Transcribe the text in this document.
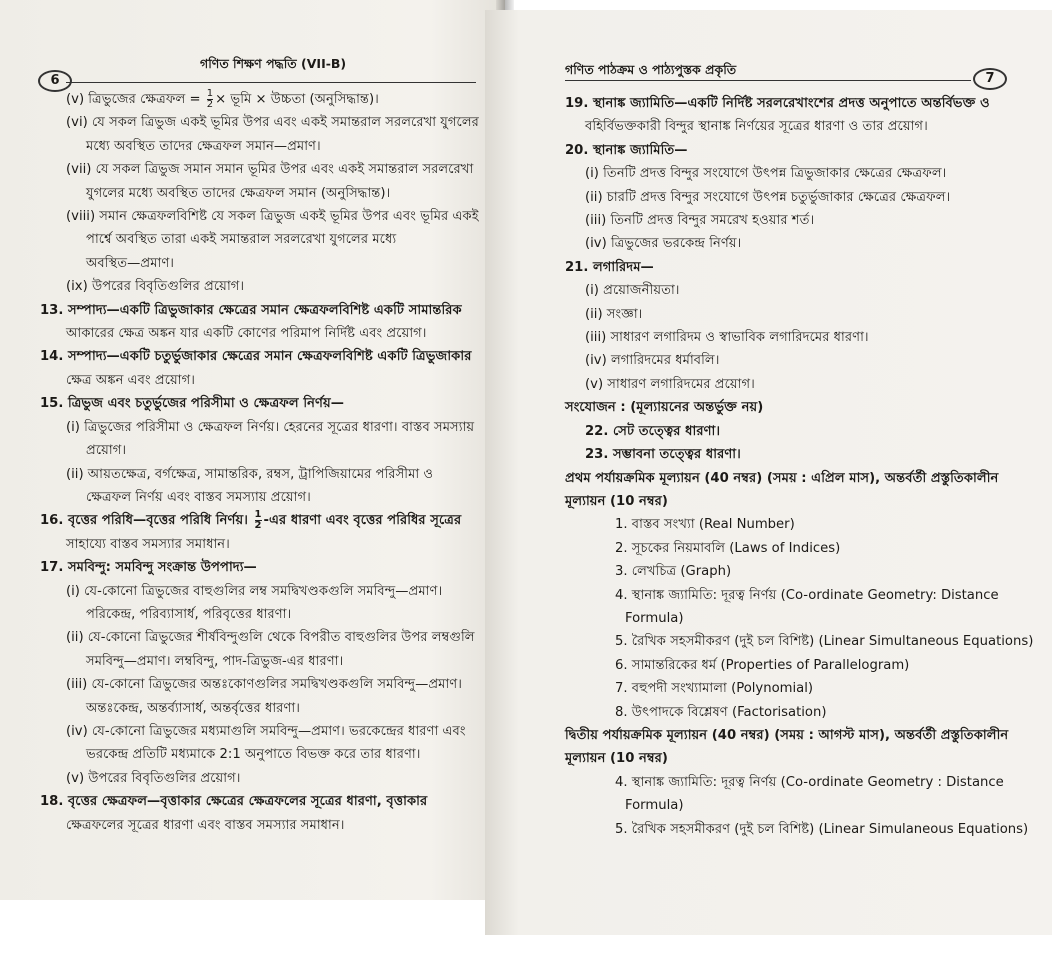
গণিত শিক্ষণ পদ্ধতি (VII-B)
6
(v) ত্রিভুজের ক্ষেত্রফল = $\frac{1}{2}$ × ভূমি × উচ্চতা (অনুসিদ্ধান্ত)।
(vi) যে সকল ত্রিভুজ একই ভূমির উপর এবং একই সমান্তরাল সরলরেখা যুগলের
মধ্যে অবস্থিত তাদের ক্ষেত্রফল সমান—প্রমাণ।
(vii) যে সকল ত্রিভুজ সমান সমান ভূমির উপর এবং একই সমান্তরাল সরলরেখা
যুগলের মধ্যে অবস্থিত তাদের ক্ষেত্রফল সমান (অনুসিদ্ধান্ত)।
(viii) সমান ক্ষেত্রফলবিশিষ্ট যে সকল ত্রিভুজ একই ভূমির উপর এবং ভূমির একই
পার্শ্বে অবস্থিত তারা একই সমান্তরাল সরলরেখা যুগলের মধ্যে
অবস্থিত—প্রমাণ।
(ix) উপরের বিবৃতিগুলির প্রয়োগ।
13. সম্পাদ্য—একটি ত্রিভুজাকার ক্ষেত্রের সমান ক্ষেত্রফলবিশিষ্ট একটি সামান্তরিক
আকারের ক্ষেত্র অঙ্কন যার একটি কোণের পরিমাপ নির্দিষ্ট এবং প্রয়োগ।
14. সম্পাদ্য—একটি চতুর্ভুজাকার ক্ষেত্রের সমান ক্ষেত্রফলবিশিষ্ট একটি ত্রিভুজাকার
ক্ষেত্র অঙ্কন এবং প্রয়োগ।
15. ত্রিভুজ এবং চতুর্ভুজের পরিসীমা ও ক্ষেত্রফল নির্ণয়—
(i) ত্রিভুজের পরিসীমা ও ক্ষেত্রফল নির্ণয়। হেরনের সূত্রের ধারণা। বাস্তব সমস্যায়
প্রয়োগ।
(ii) আয়তক্ষেত্র, বর্গক্ষেত্র, সামান্তরিক, রম্বস, ট্রাপিজিয়ামের পরিসীমা ও
ক্ষেত্রফল নির্ণয় এবং বাস্তব সমস্যায় প্রয়োগ।
16. বৃত্তের পরিধি—বৃত্তের পরিধি নির্ণয়। $\frac{1}{2}$ -এর ধারণা এবং বৃত্তের পরিধির সূত্রের
সাহায্যে বাস্তব সমস্যার সমাধান।
17. সমবিন্দু: সমবিন্দু সংক্রান্ত উপপাদ্য—
(i) যে-কোনো ত্রিভুজের বাহুগুলির লম্ব সমদ্বিখণ্ডকগুলি সমবিন্দু—প্রমাণ।
পরিকেন্দ্র, পরিব্যাসার্ধ, পরিবৃত্তের ধারণা।
(ii) যে-কোনো ত্রিভুজের শীর্ষবিন্দুগুলি থেকে বিপরীত বাহুগুলির উপর লম্বগুলি
সমবিন্দু—প্রমাণ। লম্ববিন্দু, পাদ-ত্রিভুজ-এর ধারণা।
(iii) যে-কোনো ত্রিভুজের অন্তঃকোণগুলির সমদ্বিখণ্ডকগুলি সমবিন্দু—প্রমাণ।
অন্তঃকেন্দ্র, অন্তর্ব্যাসার্ধ, অন্তর্বৃত্তের ধারণা।
(iv) যে-কোনো ত্রিভুজের মধ্যমাগুলি সমবিন্দু—প্রমাণ। ভরকেন্দ্রের ধারণা এবং
ভরকেন্দ্র প্রতিটি মধ্যমাকে 2:1 অনুপাতে বিভক্ত করে তার ধারণা।
(v) উপরের বিবৃতিগুলির প্রয়োগ।
18. বৃত্তের ক্ষেত্রফল—বৃত্তাকার ক্ষেত্রের ক্ষেত্রফলের সূত্রের ধারণা, বৃত্তাকার
ক্ষেত্রফলের সূত্রের ধারণা এবং বাস্তব সমস্যার সমাধান।
গণিত পাঠক্রম ও পাঠ্যপুস্তক প্রকৃতি
7
19. স্থানাঙ্ক জ্যামিতি—একটি নির্দিষ্ট সরলরেখাংশের প্রদত্ত অনুপাতে অন্তর্বিভক্ত ও
বহির্বিভক্তকারী বিন্দুর স্থানাঙ্ক নির্ণয়ের সূত্রের ধারণা ও তার প্রয়োগ।
20. স্থানাঙ্ক জ্যামিতি—
(i) তিনটি প্রদত্ত বিন্দুর সংযোগে উৎপন্ন ত্রিভুজাকার ক্ষেত্রের ক্ষেত্রফল।
(ii) চারটি প্রদত্ত বিন্দুর সংযোগে উৎপন্ন চতুর্ভুজাকার ক্ষেত্রের ক্ষেত্রফল।
(iii) তিনটি প্রদত্ত বিন্দুর সমরেখ হওয়ার শর্ত।
(iv) ত্রিভুজের ভরকেন্দ্র নির্ণয়।
21. লগারিদম—
(i) প্রয়োজনীয়তা।
(ii) সংজ্ঞা।
(iii) সাধারণ লগারিদম ও স্বাভাবিক লগারিদমের ধারণা।
(iv) লগারিদমের ধর্মাবলি।
(v) সাধারণ লগারিদমের প্রয়োগ।
সংযোজন : (মূল্যায়নের অন্তর্ভুক্ত নয়)
22. সেট তত্ত্বের ধারণা।
23. সম্ভাবনা তত্ত্বের ধারণা।
প্রথম পর্যায়ক্রমিক মূল্যায়ন (40 নম্বর) (সময় : এপ্রিল মাস), অন্তর্বর্তী প্রস্তুতিকালীন
মূল্যায়ন (10 নম্বর)
1. বাস্তব সংখ্যা (Real Number)
2. সূচকের নিয়মাবলি (Laws of Indices)
3. লেখচিত্র (Graph)
4. স্থানাঙ্ক জ্যামিতি: দূরত্ব নির্ণয় (Co-ordinate Geometry: Distance
Formula)
5. রৈখিক সহসমীকরণ (দুই চল বিশিষ্ট) (Linear Simultaneous Equations)
6. সামান্তরিকের ধর্ম (Properties of Parallelogram)
7. বহুপদী সংখ্যামালা (Polynomial)
8. উৎপাদকে বিশ্লেষণ (Factorisation)
দ্বিতীয় পর্যায়ক্রমিক মূল্যায়ন (40 নম্বর) (সময় : আগস্ট মাস), অন্তর্বর্তী প্রস্তুতিকালীন
মূল্যায়ন (10 নম্বর)
4. স্থানাঙ্ক জ্যামিতি: দূরত্ব নির্ণয় (Co-ordinate Geometry : Distance
Formula)
5. রৈখিক সহসমীকরণ (দুই চল বিশিষ্ট) (Linear Simulaneous Equations)
